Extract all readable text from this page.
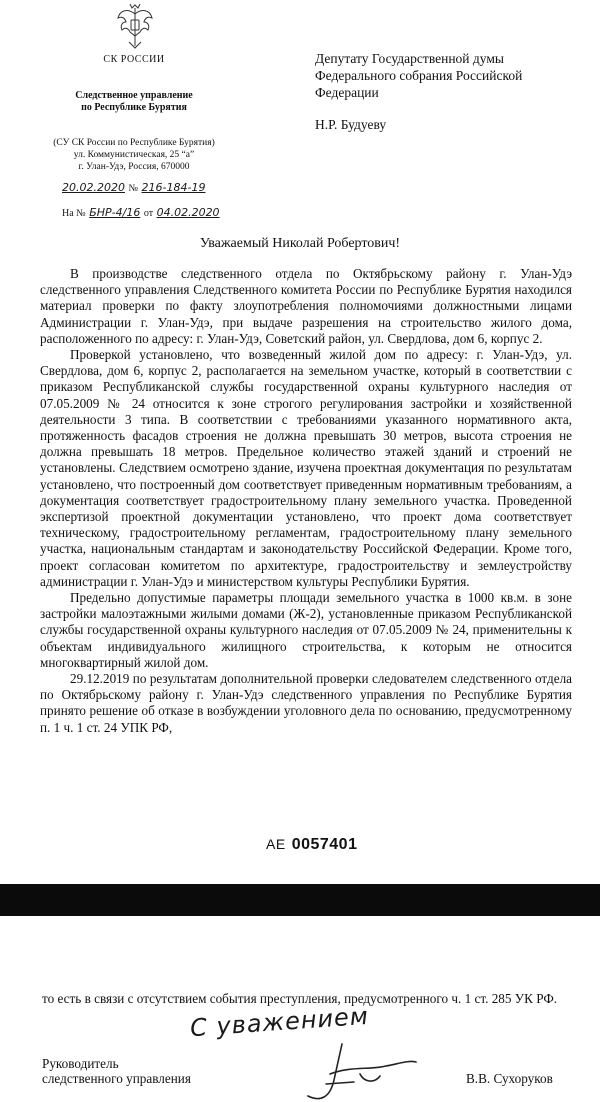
СК РОССИИ
Следственное управление
по Республике Бурятия
(СУ СК России по Республике Бурятия)
ул. Коммунистическая, 25 “а”
г. Улан-Удэ, Россия, 670000
20.02.2020 № 216-184-19
На № БНР-4/16 от 04.02.2020
Депутату Государственной думы
Федерального собрания Российской
Федерации
Н.Р. Будуеву
Уважаемый Николай Робертович!

В производстве следственного отдела по Октябрьскому району г. Улан-Удэ следственного управления Следственного комитета России по Республике Бурятия находился материал проверки по факту злоупотребления полномочиями должностными лицами Администрации г. Улан-Удэ, при выдаче разрешения на строительство жилого дома, расположенного по адресу: г. Улан-Удэ, Советский район, ул. Свердлова, дом 6, корпус 2.

Проверкой установлено, что возведенный жилой дом по адресу: г. Улан-Удэ, ул. Свердлова, дом 6, корпус 2, располагается на земельном участке, который в соответствии с приказом Республиканской службы государственной охраны культурного наследия от 07.05.2009 № 24 относится к зоне строгого регулирования застройки и хозяйственной деятельности 3 типа. В соответствии с требованиями указанного нормативного акта, протяженность фасадов строения не должна превышать 30 метров, высота строения не должна превышать 18 метров. Предельное количество этажей зданий и строений не установлены. Следствием осмотрено здание, изучена проектная документация по результатам установлено, что построенный дом соответствует приведенным нормативным требованиям, а документация соответствует градостроительному плану земельного участка. Проведенной экспертизой проектной документации установлено, что проект дома соответствует техническому, градостроительному регламентам, градостроительному плану земельного участка, национальным стандартам и законодательству Российской Федерации. Кроме того, проект согласован комитетом по архитектуре, градостроительству и землеустройству администрации г. Улан-Удэ и министерством культуры Республики Бурятия.

Предельно допустимые параметры площади земельного участка в 1000 кв.м. в зоне застройки малоэтажными жилыми домами (Ж-2), установленные приказом Республиканской службы государственной охраны культурного наследия от 07.05.2009 № 24, применительны к объектам индивидуального жилищного строительства, к которым не относится многоквартирный жилой дом.

29.12.2019 по результатам дополнительной проверки следователем следственного отдела по Октябрьскому району г. Улан-Удэ следственного управления по Республике Бурятия принято решение об отказе в возбуждении уголовного дела по основанию, предусмотренному п. 1 ч. 1 ст. 24 УПК РФ,

АЕ 0057401
то есть в связи с отсутствием события преступления, предусмотренного ч. 1 ст. 285 УК РФ.
С уважением
Руководитель
следственного управления	В.В. Сухоруков
